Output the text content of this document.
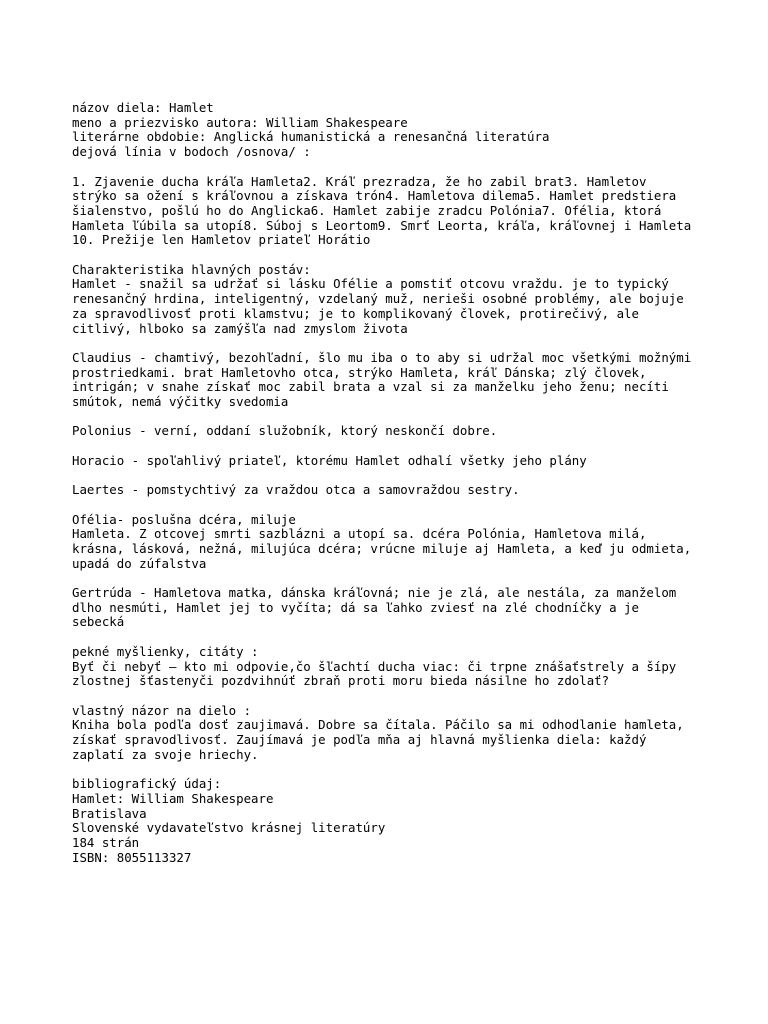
názov diela: Hamlet
meno a priezvisko autora: William Shakespeare
literárne obdobie: Anglická humanistická a renesančná literatúra
dejová línia v bodoch /osnova/ :
1. Zjavenie ducha kráľa Hamleta2. Kráľ prezradza, že ho zabil brat3. Hamletov
strýko sa ožení s kráľovnou a získava trón4. Hamletova dilema5. Hamlet predstiera
šialenstvo, pošlú ho do Anglicka6. Hamlet zabije zradcu Polónia7. Ofélia, ktorá
Hamleta ľúbila sa utopí8. Súboj s Leortom9. Smrť Leorta, kráľa, kráľovnej i Hamleta
10. Prežije len Hamletov priateľ Horátio
Charakteristika hlavných postáv:
Hamlet - snažil sa udržať si lásku Ofélie a pomstiť otcovu vraždu. je to typický
renesančný hrdina, inteligentný, vzdelaný muž, nerieši osobné problémy, ale bojuje
za spravodlivosť proti klamstvu; je to komplikovaný človek, protirečivý, ale
citlivý, hlboko sa zamýšľa nad zmyslom života
Claudius - chamtivý, bezohľadní, šlo mu iba o to aby si udržal moc všetkými možnými
prostriedkami. brat Hamletovho otca, strýko Hamleta, kráľ Dánska; zlý človek,
intrigán; v snahe získať moc zabil brata a vzal si za manželku jeho ženu; necíti
smútok, nemá výčitky svedomia
Polonius - verní, oddaní služobník, ktorý neskončí dobre.
Horacio - spoľahlivý priateľ, ktorému Hamlet odhalí všetky jeho plány
Laertes - pomstychtivý za vraždou otca a samovraždou sestry.
Ofélia- poslušna dcéra, miluje
Hamleta. Z otcovej smrti sazblázni a utopí sa. dcéra Polónia, Hamletova milá,
krásna, lásková, nežná, milujúca dcéra; vrúcne miluje aj Hamleta, a keď ju odmieta,
upadá do zúfalstva
Gertrúda - Hamletova matka, dánska kráľovná; nie je zlá, ale nestála, za manželom
dlho nesmúti, Hamlet jej to vyčíta; dá sa ľahko zviesť na zlé chodníčky a je
sebecká
pekné myšlienky, citáty :
Byť či nebyť – kto mi odpovie,čo šľachtí ducha viac: či trpne znášaťstrely a šípy
zlostnej šťastenyči pozdvihnúť zbraň proti moru bieda násilne ho zdolať?
vlastný názor na dielo :
Kniha bola podľa dosť zaujimavá. Dobre sa čítala. Páčilo sa mi odhodlanie hamleta,
získať spravodlivosť. Zaujímavá je podľa mňa aj hlavná myšlienka diela: každý
zaplatí za svoje hriechy.
bibliografický údaj:
Hamlet: William Shakespeare
Bratislava
Slovenské vydavateľstvo krásnej literatúry
184 strán
ISBN: 8055113327
